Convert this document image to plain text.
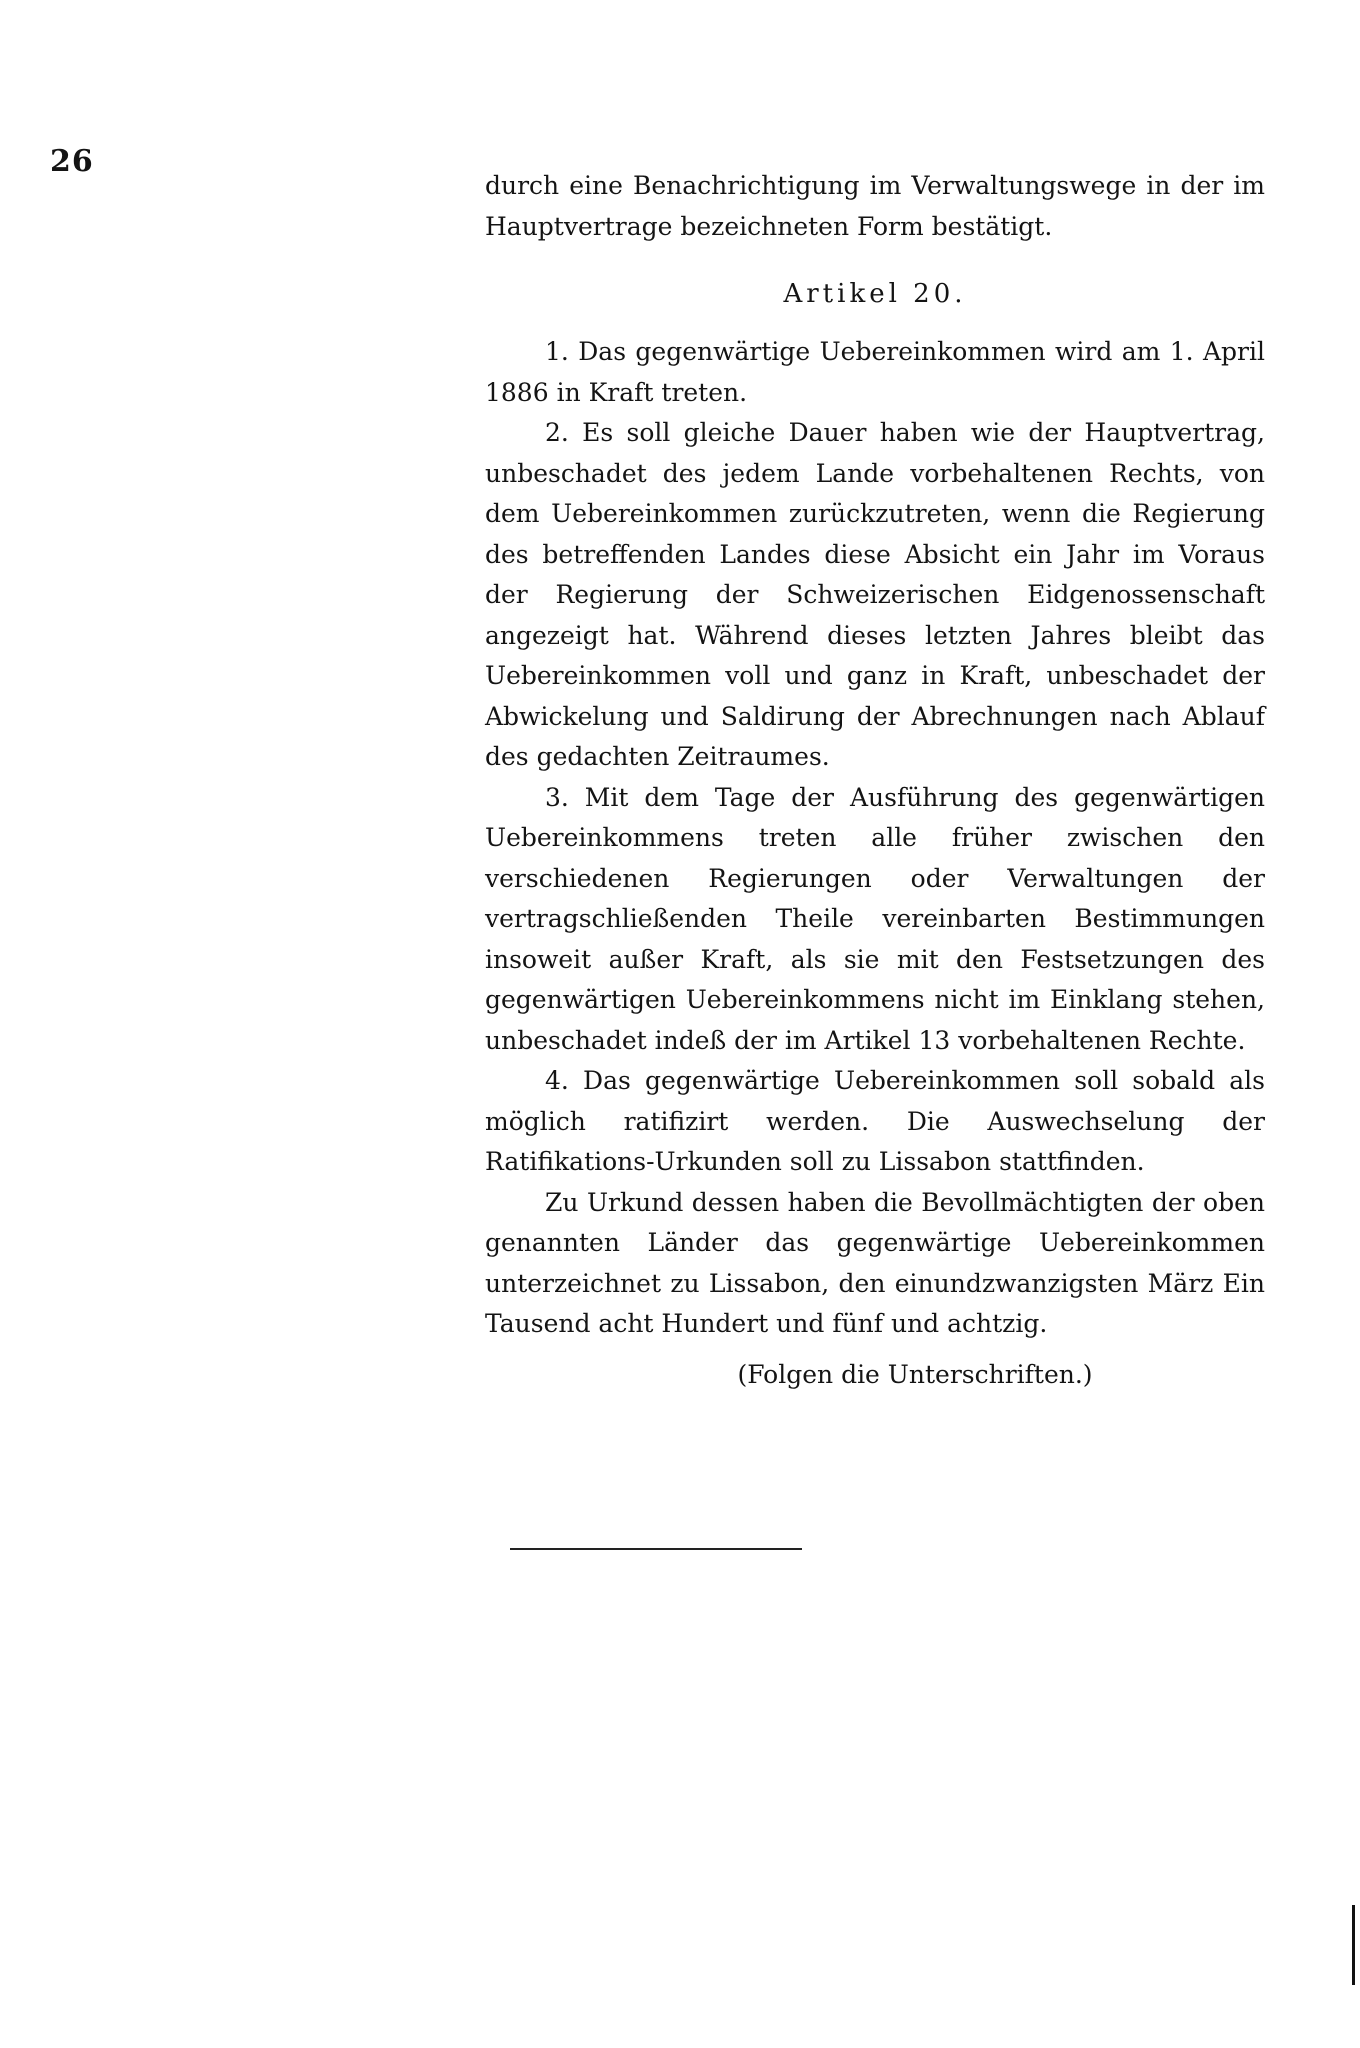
26

durch eine Benachrichtigung im Verwaltungswege in der im Hauptvertrage bezeichneten Form bestätigt.

Artikel 20.

1. Das gegenwärtige Uebereinkommen wird am 1. April 1886 in Kraft treten.

2. Es soll gleiche Dauer haben wie der Hauptvertrag, unbeschadet des jedem Lande vorbehaltenen Rechts, von dem Uebereinkommen zurückzutreten, wenn die Regierung des betreffenden Landes diese Absicht ein Jahr im Voraus der Regierung der Schweizerischen Eidgenossenschaft angezeigt hat. Während dieses letzten Jahres bleibt das Uebereinkommen voll und ganz in Kraft, unbeschadet der Abwickelung und Saldirung der Abrechnungen nach Ablauf des gedachten Zeitraumes.

3. Mit dem Tage der Ausführung des gegenwärtigen Uebereinkommens treten alle früher zwischen den verschiedenen Regierungen oder Verwaltungen der vertragschließenden Theile vereinbarten Bestimmungen insoweit außer Kraft, als sie mit den Festsetzungen des gegenwärtigen Uebereinkommens nicht im Einklang stehen, unbeschadet indeß der im Artikel 13 vorbehaltenen Rechte.

4. Das gegenwärtige Uebereinkommen soll sobald als möglich ratifizirt werden. Die Auswechselung der Ratifikations-Urkunden soll zu Lissabon stattfinden.

Zu Urkund dessen haben die Bevollmächtigten der oben genannten Länder das gegenwärtige Uebereinkommen unterzeichnet zu Lissabon, den einundzwanzigsten März Ein Tausend acht Hundert und fünf und achtzig.

(Folgen die Unterschriften.)
